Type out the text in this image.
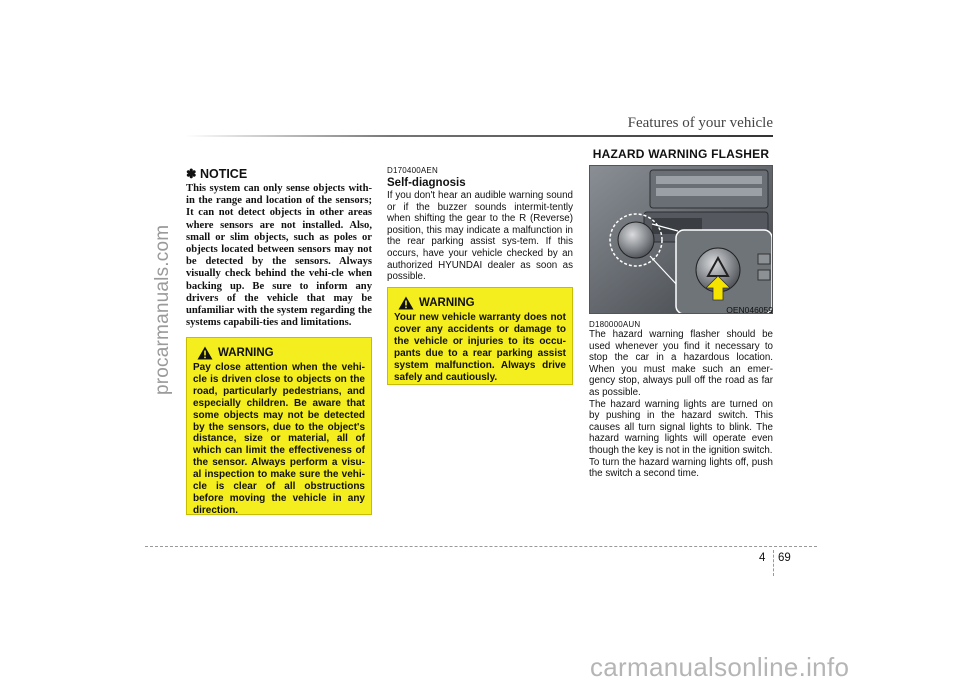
procarmanuals.com
Features of your vehicle
✽ NOTICE
This system can only sense objects with-in the range and location of the sensors; It can not detect objects in other areas where sensors are not installed. Also, small or slim objects, such as poles or objects located between sensors may not be detected by the sensors. Always visually check behind the vehi-cle when backing up. Be sure to inform any drivers of the vehicle that may be unfamiliar with the system regarding the systems capabili-ties and limitations.
WARNING
Pay close attention when the vehi-cle is driven close to objects on the road, particularly pedestrians, and especially children. Be aware that some objects may not be detected by the sensors, due to the object's distance, size or material, all of which can limit the effectiveness of the sensor. Always perform a visu-al inspection to make sure the vehi-cle is clear of all obstructions before moving the vehicle in any direction.
D170400AEN
Self-diagnosis
If you don't hear an audible warning sound or if the buzzer sounds intermit-tently when shifting the gear to the R (Reverse) position, this may indicate a malfunction in the rear parking assist sys-tem. If this occurs, have your vehicle checked by an authorized HYUNDAI dealer as soon as possible.
WARNING
Your new vehicle warranty does not cover any accidents or damage to the vehicle or injuries to its occu-pants due to a rear parking assist system malfunction. Always drive safely and cautiously.
HAZARD WARNING FLASHER
OEN046059
D180000AUN

The hazard warning flasher should be used whenever you find it necessary to stop the car in a hazardous location. When you must make such an emer-gency stop, always pull off the road as far as possible.

The hazard warning lights are turned on by pushing in the hazard switch. This causes all turn signal lights to blink. The hazard warning lights will operate even though the key is not in the ignition switch.

To turn the hazard warning lights off, push the switch a second time.

4 69
carmanualsonline.info
